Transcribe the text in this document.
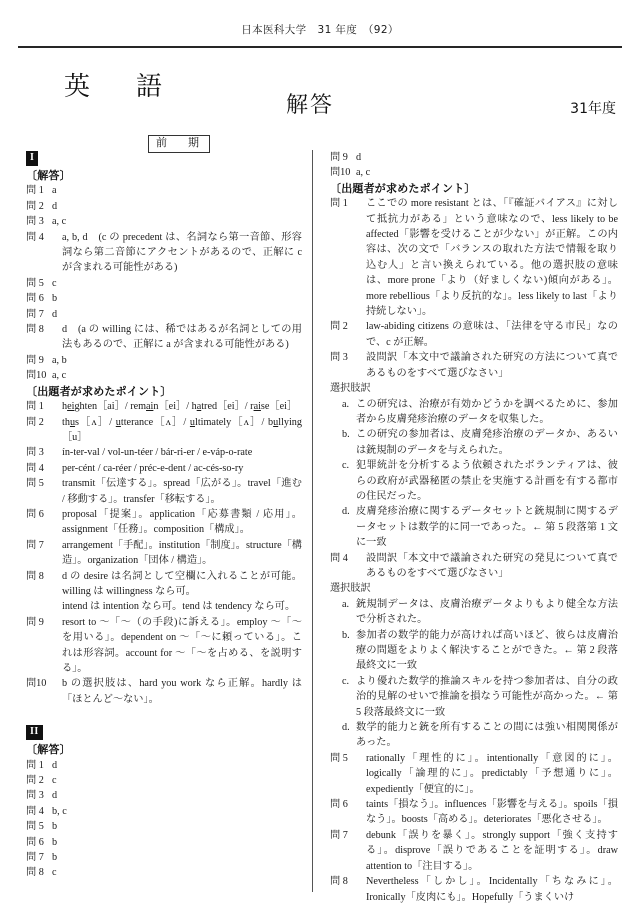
日本医科大学　31 年度　（92）
英　語
解答	31年度
前　期
I
〔解答〕
問 1 a
問 2 d
問 3 a, c
問 4	a, b, d　(c の precedent は、名詞なら第一音節、形容詞なら第二音節にアクセントがあるので、正解に c が含まれる可能性がある)
問 5 c
問 6 b
問 7 d
問 8	d　(a の willing には、稀ではあるが名詞としての用法もあるので、正解に a が含まれる可能性がある)
問 9 a, b
問10 a, c
〔出題者が求めたポイント〕
問 1	heighten［ai］/ remain［ei］/ hatred［ei］/ raise［ei］
問 2	thus［ʌ］/ utterance［ʌ］/ ultimately［ʌ］/ bullying［u］
問 3	ín-ter-val / vol-un-téer / bár-ri-er / e-váp-o-rate
問 4	per-cént / ca-réer / préc-e-dent / ac-cés-so-ry
問 5	transmit「伝達する」。spread「広がる」。travel「進む / 移動する」。transfer「移転する」。
問 6	proposal「提案」。application「応募書類 / 応用」。assignment「任務」。composition「構成」。
問 7	arrangement「手配」。institution「制度」。structure「構造」。organization「団体 / 構造」。
問 8	d の desire は名詞として空欄に入れることが可能。willing は willingness なら可。
intend は intention なら可。tend は tendency なら可。
問 9	resort to ～「～（の手段)に訴える」。employ ～「～を用いる」。dependent on ～「～に頼っている」。これは形容詞。account for ～「～を占める、を説明する」。
問10	b の選択肢は、hard you work なら正解。hardly は「ほとんど～ない」。
II
〔解答〕
問 1 d
問 2 c
問 3 d
問 4 b, c
問 5 b
問 6 b
問 7 b
問 8 c
問 9 d
問10 a, c
〔出題者が求めたポイント〕
問 1	ここでの more resistant とは、「『確証バイアス』に対して抵抗力がある」という意味なので、less likely to be affected「影響を受けることが少ない」が正解。この内容は、次の文で「バランスの取れた方法で情報を取り込む人」と言い換えられている。他の選択肢の意味は、more prone「より（好ましくない)傾向がある」。more rebellious「より反抗的な」。less likely to last「より持続しない」。
問 2	law-abiding citizens の意味は、「法律を守る市民」なので、c が正解。
問 3	設問訳「本文中で議論された研究の方法について真であるものをすべて選びなさい」
選択肢訳
a. この研究は、治療が有効かどうかを調べるために、参加者から皮膚発疹治療のデータを収集した。
b. この研究の参加者は、皮膚発疹治療のデータか、あるいは銃規制のデータを与えられた。
c. 犯罪統計を分析するよう依頼されたボランティアは、彼らの政府が武器秘匿の禁止を実施する計画を有する都市の住民だった。
d. 皮膚発疹治療に関するデータセットと銃規制に関するデータセットは数学的に同一であった。← 第 5 段落第 1 文に一致
問 4	設問訳「本文中で議論された研究の発見について真であるものをすべて選びなさい」
選択肢訳
a. 銃規制データは、皮膚治療データよりもより健全な方法で分析された。
b. 参加者の数学的能力が高ければ高いほど、彼らは皮膚治療の問題をよりよく解決することができた。← 第 2 段落最終文に一致
c. より優れた数学的推論スキルを持つ参加者は、自分の政治的見解のせいで推論を損なう可能性が高かった。← 第 5 段落最終文に一致
d. 数学的能力と銃を所有することの間には強い相関関係があった。
問 5	rationally「理性的に」。intentionally「意図的に」。logically「論理的に」。predictably「予想通りに」。expediently「便宜的に」。
問 6	taints「損なう」。influences「影響を与える」。spoils「損なう」。boosts「高める」。deteriorates「悪化させる」。
問 7	debunk「誤りを暴く」。strongly support「強く支持する」。disprove「誤りであることを証明する」。draw attention to「注目する」。
問 8	Nevertheless「しかし」。Incidentally「ちなみに」。Ironically「皮肉にも」。Hopefully「うまくいけ
